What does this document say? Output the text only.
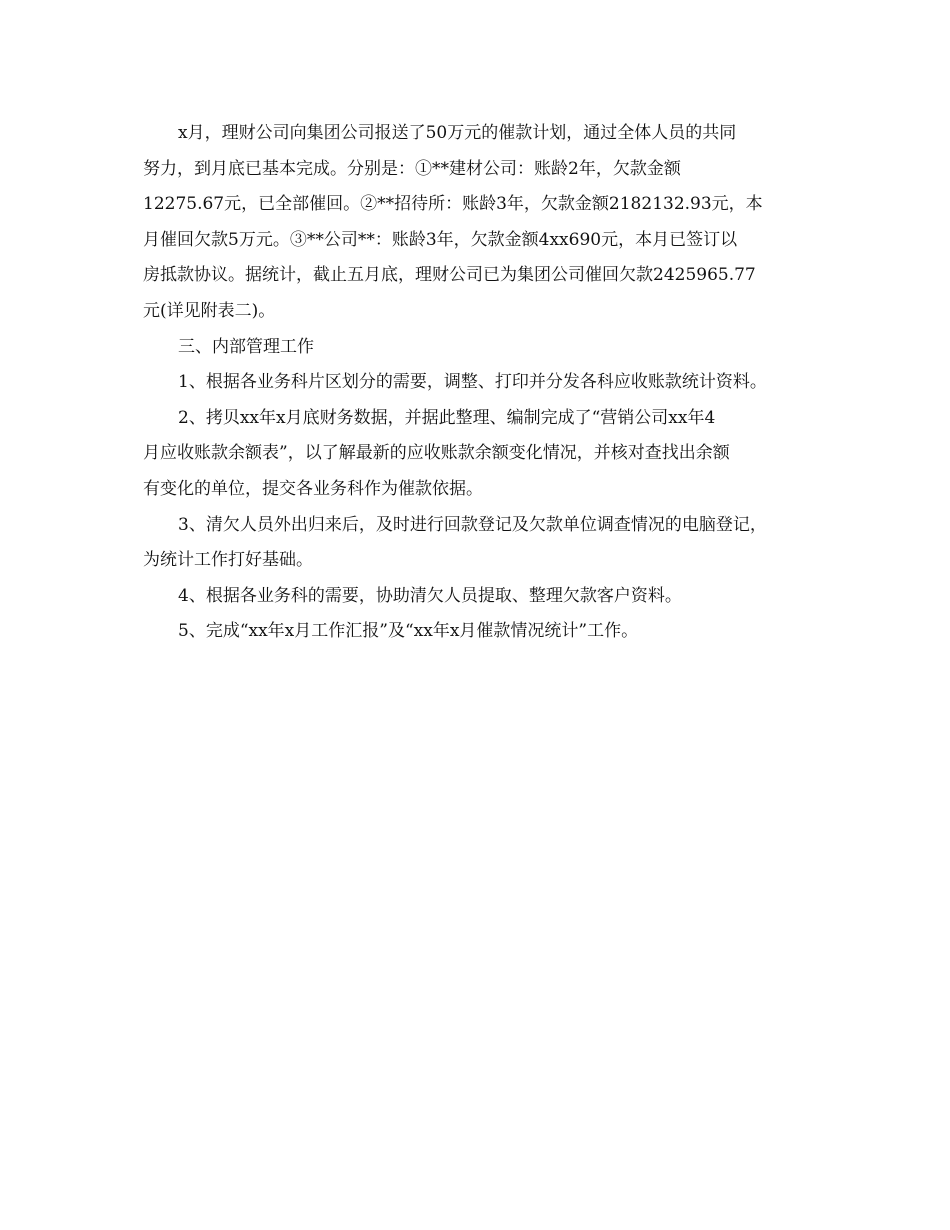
x月，理财公司向集团公司报送了50万元的催款计划，通过全体人员的共同
努力，到月底已基本完成。分别是：①**建材公司：账龄2年，欠款金额
12275.67元，已全部催回。②**招待所：账龄3年，欠款金额2182132.93元，本
月催回欠款5万元。③**公司**：账龄3年，欠款金额4xx690元，本月已签订以
房抵款协议。据统计，截止五月底，理财公司已为集团公司催回欠款2425965.77
元(详见附表二)。
三、内部管理工作
1、根据各业务科片区划分的需要，调整、打印并分发各科应收账款统计资料。
2、拷贝xx年x月底财务数据，并据此整理、编制完成了“营销公司xx年4
月应收账款余额表”，以了解最新的应收账款余额变化情况，并核对查找出余额
有变化的单位，提交各业务科作为催款依据。
3、清欠人员外出归来后，及时进行回款登记及欠款单位调查情况的电脑登记，
为统计工作打好基础。
4、根据各业务科的需要，协助清欠人员提取、整理欠款客户资料。
5、完成“xx年x月工作汇报”及“xx年x月催款情况统计”工作。
